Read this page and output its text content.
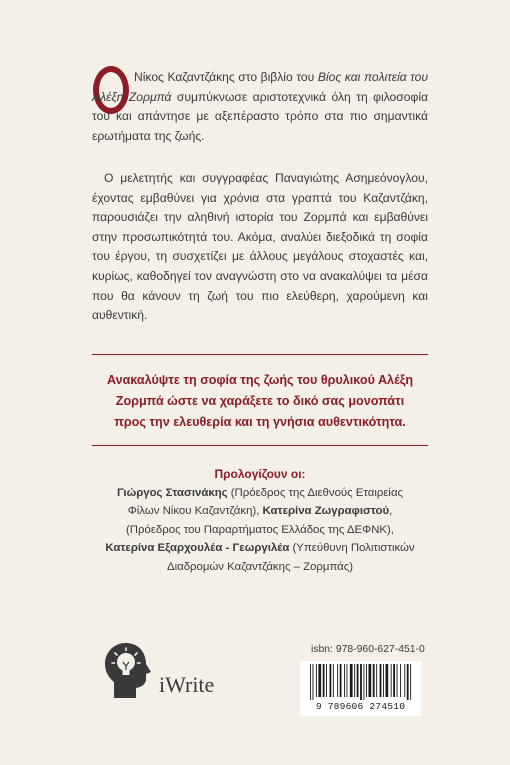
Νίκος Καζαντζάκης στο βιβλίο του Βίος και πολιτεία του Αλέξη Ζορμπά συμπύκνωσε αριστοτεχνικά όλη τη φιλοσοφία του και απάντησε με αξεπέραστο τρόπο στα πιο σημαντικά ερωτήματα της ζωής.
Ο μελετητής και συγγραφέας Παναγιώτης Ασημεόνογλου, έχοντας εμβαθύνει για χρόνια στα γραπτά του Καζαντζάκη, παρουσιάζει την αληθινή ιστορία του Ζορμπά και εμβαθύνει στην προσωπικότητά του. Ακόμα, αναλύει διεξοδικά τη σοφία του έργου, τη συσχετίζει με άλλους μεγάλους στοχαστές και, κυρίως, καθοδηγεί τον αναγνώστη στο να ανακαλύψει τα μέσα που θα κάνουν τη ζωή του πιο ελεύθερη, χαρούμενη και αυθεντική.
Ανακαλύψτε τη σοφία της ζωής του θρυλικού Αλέξη
Ζορμπά ώστε να χαράξετε το δικό σας μονοπάτι
προς την ελευθερία και τη γνήσια αυθεντικότητα.
Προλογίζουν οι:
Γιώργος Στασινάκης (Πρόεδρος της Διεθνούς Εταιρείας
Φίλων Νίκου Καζαντζάκη), Κατερίνα Ζωγραφιστού,
(Πρόεδρος του Παραρτήματος Ελλάδος της ΔΕΦΝΚ),
Κατερίνα Εξαρχουλέα - Γεωργιλέα (Υπεύθυνη Πολιτιστικών
Διαδρομών Καζαντζάκης – Ζορμπάς)
iWrite
isbn: 978-960-627-451-0
9 789606 274510
